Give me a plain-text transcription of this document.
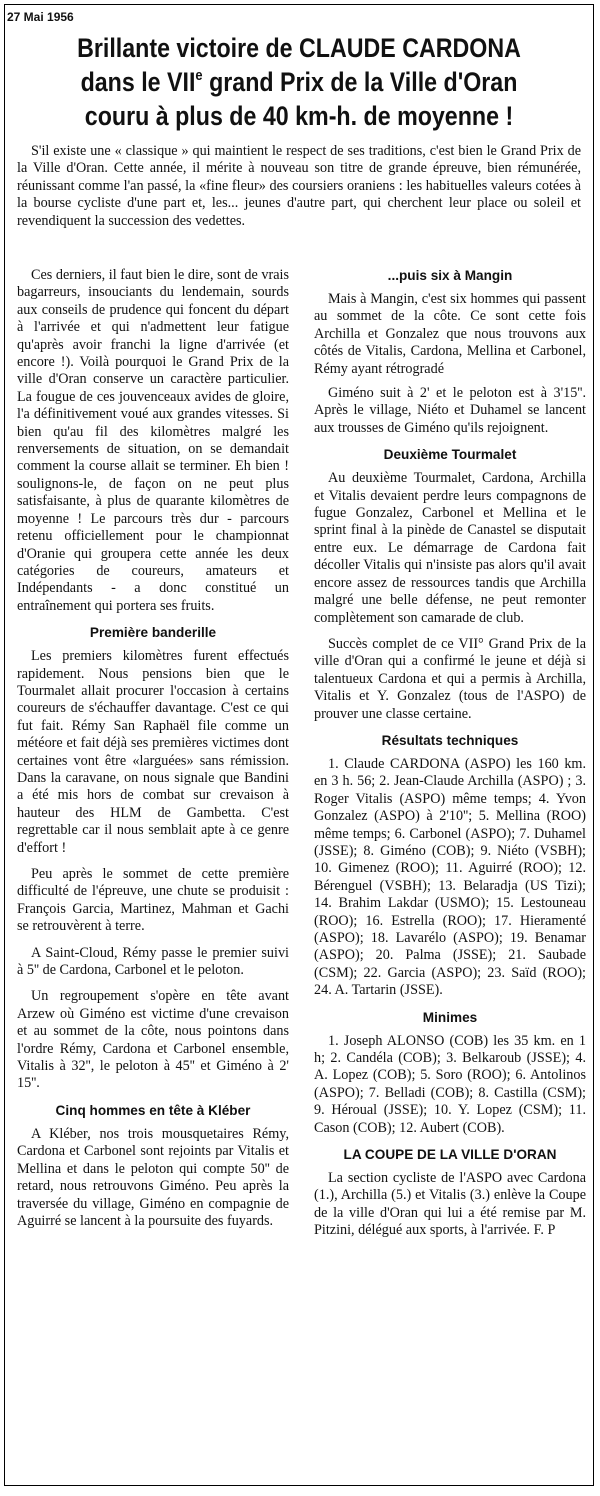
27 Mai 1956
Brillante victoire de CLAUDE CARDONA
dans le VIIe grand Prix de la Ville d'Oran
couru à plus de 40 km-h. de moyenne !
S'il existe une « classique » qui maintient le respect de ses traditions, c'est bien le Grand Prix de la Ville d'Oran. Cette année, il mérite à nouveau son titre de grande épreuve, bien rémunérée, réunissant comme l'an passé, la «fine fleur» des coursiers oraniens : les habituelles valeurs cotées à la bourse cycliste d'une part et, les... jeunes d'autre part, qui cherchent leur place ou soleil et revendiquent la succession des vedettes.

Ces derniers, il faut bien le dire, sont de vrais bagarreurs, insouciants du lendemain, sourds aux conseils de prudence qui foncent du départ à l'arrivée et qui n'admettent leur fatigue qu'après avoir franchi la ligne d'arrivée (et encore !). Voilà pourquoi le Grand Prix de la ville d'Oran conserve un caractère particulier. La fougue de ces jouvenceaux avides de gloire, l'a définitivement voué aux grandes vitesses. Si bien qu'au fil des kilomètres malgré les renversements de situation, on se demandait comment la course allait se terminer. Eh bien ! soulignons-le, de façon on ne peut plus satisfaisante, à plus de quarante kilomètres de moyenne ! Le parcours très dur - parcours retenu officiellement pour le championnat d'Oranie qui groupera cette année les deux catégories de coureurs, amateurs et Indépendants - a donc constitué un entraînement qui portera ses fruits.

Première banderille

Les premiers kilomètres furent effectués rapidement. Nous pensions bien que le Tourmalet allait procurer l'occasion à certains coureurs de s'échauffer davantage. C'est ce qui fut fait. Rémy San Raphaël file comme un météore et fait déjà ses premières victimes dont certaines vont être «larguées» sans rémission. Dans la caravane, on nous signale que Bandini a été mis hors de combat sur crevaison à hauteur des HLM de Gambetta. C'est regrettable car il nous semblait apte à ce genre d'effort !

Peu après le sommet de cette première difficulté de l'épreuve, une chute se produisit : François Garcia, Martinez, Mahman et Gachi se retrouvèrent à terre.

A Saint-Cloud, Rémy passe le premier suivi à 5'' de Cardona, Carbonel et le peloton.

Un regroupement s'opère en tête avant Arzew où Giméno est victime d'une crevaison et au sommet de la côte, nous pointons dans l'ordre Rémy, Cardona et Carbonel ensemble, Vitalis à 32'', le peloton à 45'' et Giméno à 2' 15''.

Cinq hommes en tête à Kléber

A Kléber, nos trois mousquetaires Rémy, Cardona et Carbonel sont rejoints par Vitalis et Mellina et dans le peloton qui compte 50'' de retard, nous retrouvons Giméno. Peu après la traversée du village, Giméno en compagnie de Aguirré se lancent à la poursuite des fuyards.

...puis six à Mangin

Mais à Mangin, c'est six hommes qui passent au sommet de la côte. Ce sont cette fois Archilla et Gonzalez que nous trouvons aux côtés de Vitalis, Cardona, Mellina et Carbonel, Rémy ayant rétrogradé

Giméno suit à 2' et le peloton est à 3'15''. Après le village, Niéto et Duhamel se lancent aux trousses de Giméno qu'ils rejoignent.

Deuxième Tourmalet

Au deuxième Tourmalet, Cardona, Archilla et Vitalis devaient perdre leurs compagnons de fugue Gonzalez, Carbonel et Mellina et le sprint final à la pinède de Canastel se disputait entre eux. Le démarrage de Cardona fait décoller Vitalis qui n'insiste pas alors qu'il avait encore assez de ressources tandis que Archilla malgré une belle défense, ne peut remonter complètement son camarade de club.

Succès complet de ce VII° Grand Prix de la ville d'Oran qui a confirmé le jeune et déjà si talentueux Cardona et qui a permis à Archilla, Vitalis et Y. Gonzalez (tous de l'ASPO) de prouver une classe certaine.

Résultats techniques

1. Claude CARDONA (ASPO) les 160 km. en 3 h. 56; 2. Jean-Claude Archilla (ASPO) ; 3. Roger Vitalis (ASPO) même temps; 4. Yvon Gonzalez (ASPO) à 2'10''; 5. Mellina (ROO) même temps; 6. Carbonel (ASPO); 7. Duhamel (JSSE); 8. Giméno (COB); 9. Niéto (VSBH); 10. Gimenez (ROO); 11. Aguirré (ROO); 12. Bérenguel (VSBH); 13. Belaradja (US Tizi); 14. Brahim Lakdar (USMO); 15. Lestouneau (ROO); 16. Estrella (ROO); 17. Hieramenté (ASPO); 18. Lavarélo (ASPO); 19. Benamar (ASPO); 20. Palma (JSSE); 21. Saubade (CSM); 22. Garcia (ASPO); 23. Saïd (ROO); 24. A. Tartarin (JSSE).

Minimes

1. Joseph ALONSO (COB) les 35 km. en 1 h; 2. Candéla (COB); 3. Belkaroub (JSSE); 4. A. Lopez (COB); 5. Soro (ROO); 6. Antolinos (ASPO); 7. Belladi (COB); 8. Castilla (CSM); 9. Héroual (JSSE); 10. Y. Lopez (CSM); 11. Cason (COB); 12. Aubert (COB).

LA COUPE DE LA VILLE D'ORAN

La section cycliste de l'ASPO avec Cardona (1.), Archilla (5.) et Vitalis (3.) enlève la Coupe de la ville d'Oran qui lui a été remise par M. Pitzini, délégué aux sports, à l'arrivée. F. P
